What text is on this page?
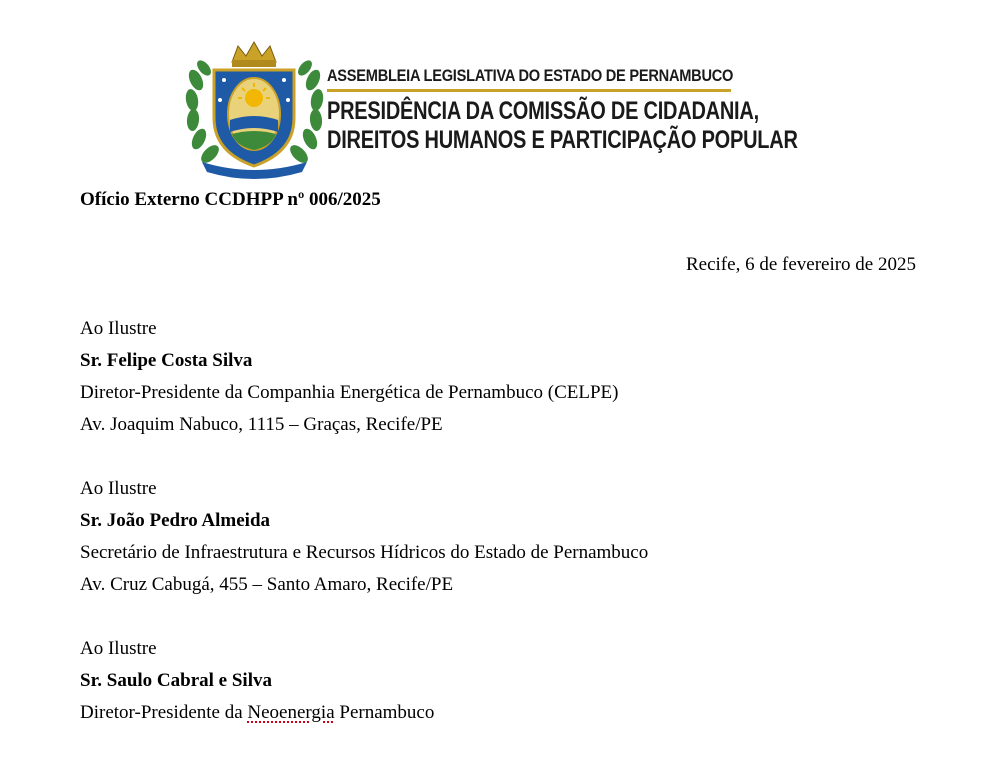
ASSEMBLEIA LEGISLATIVA DO ESTADO DE PERNAMBUCO
PRESIDÊNCIA DA COMISSÃO DE CIDADANIA,
DIREITOS HUMANOS E PARTICIPAÇÃO POPULAR
Ofício Externo CCDHPP nº 006/2025
Recife, 6 de fevereiro de 2025
Ao Ilustre
Sr. Felipe Costa Silva
Diretor-Presidente da Companhia Energética de Pernambuco (CELPE)
Av. Joaquim Nabuco, 1115 – Graças, Recife/PE
Ao Ilustre
Sr. João Pedro Almeida
Secretário de Infraestrutura e Recursos Hídricos do Estado de Pernambuco
Av. Cruz Cabugá, 455 – Santo Amaro, Recife/PE
Ao Ilustre
Sr. Saulo Cabral e Silva
Diretor-Presidente da Neoenergia Pernambuco
